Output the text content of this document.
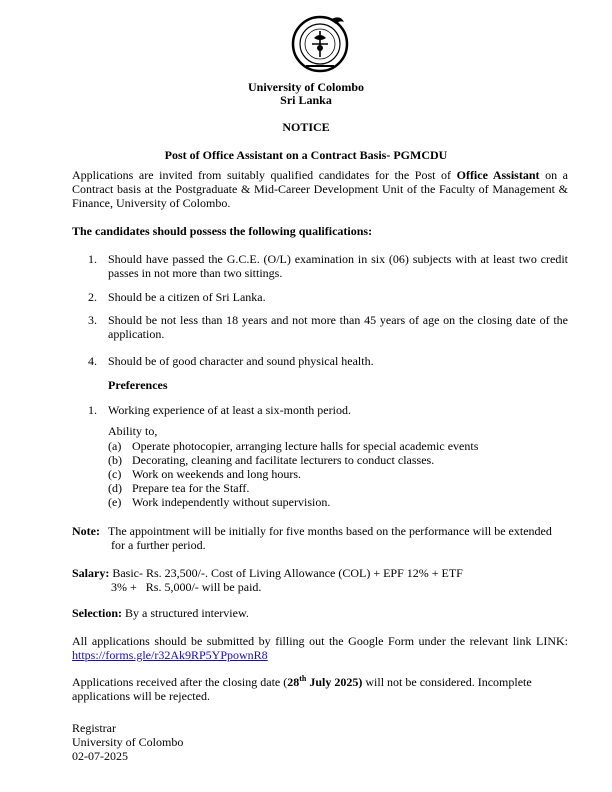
University of Colombo
Sri Lanka
NOTICE
Post of Office Assistant on a Contract Basis- PGMCDU
Applications are invited from suitably qualified candidates for the Post of Office Assistant on a Contract basis at the Postgraduate & Mid-Career Development Unit of the Faculty of Management & Finance, University of Colombo.
The candidates should possess the following qualifications:
1. Should have passed the G.C.E. (O/L) examination in six (06) subjects with at least two credit passes in not more than two sittings.
2. Should be a citizen of Sri Lanka.
3. Should be not less than 18 years and not more than 45 years of age on the closing date of the application.
4. Should be of good character and sound physical health.
Preferences
1. Working experience of at least a six-month period.
Ability to,
(a) Operate photocopier, arranging lecture halls for special academic events
(b) Decorating, cleaning and facilitate lecturers to conduct classes.
(c) Work on weekends and long hours.
(d) Prepare tea for the Staff.
(e) Work independently without supervision.
Note: The appointment will be initially for five months based on the performance will be extended
for a further period.
Salary: Basic- Rs. 23,500/-. Cost of Living Allowance (COL) + EPF 12% + ETF
3% +   Rs. 5,000/- will be paid.
Selection: By a structured interview.
All applications should be submitted by filling out the Google Form under the relevant link LINK: https://forms.gle/r32Ak9RP5YPpownR8
Applications received after the closing date (28th July 2025) will not be considered. Incomplete applications will be rejected.
Registrar
University of Colombo
02-07-2025
